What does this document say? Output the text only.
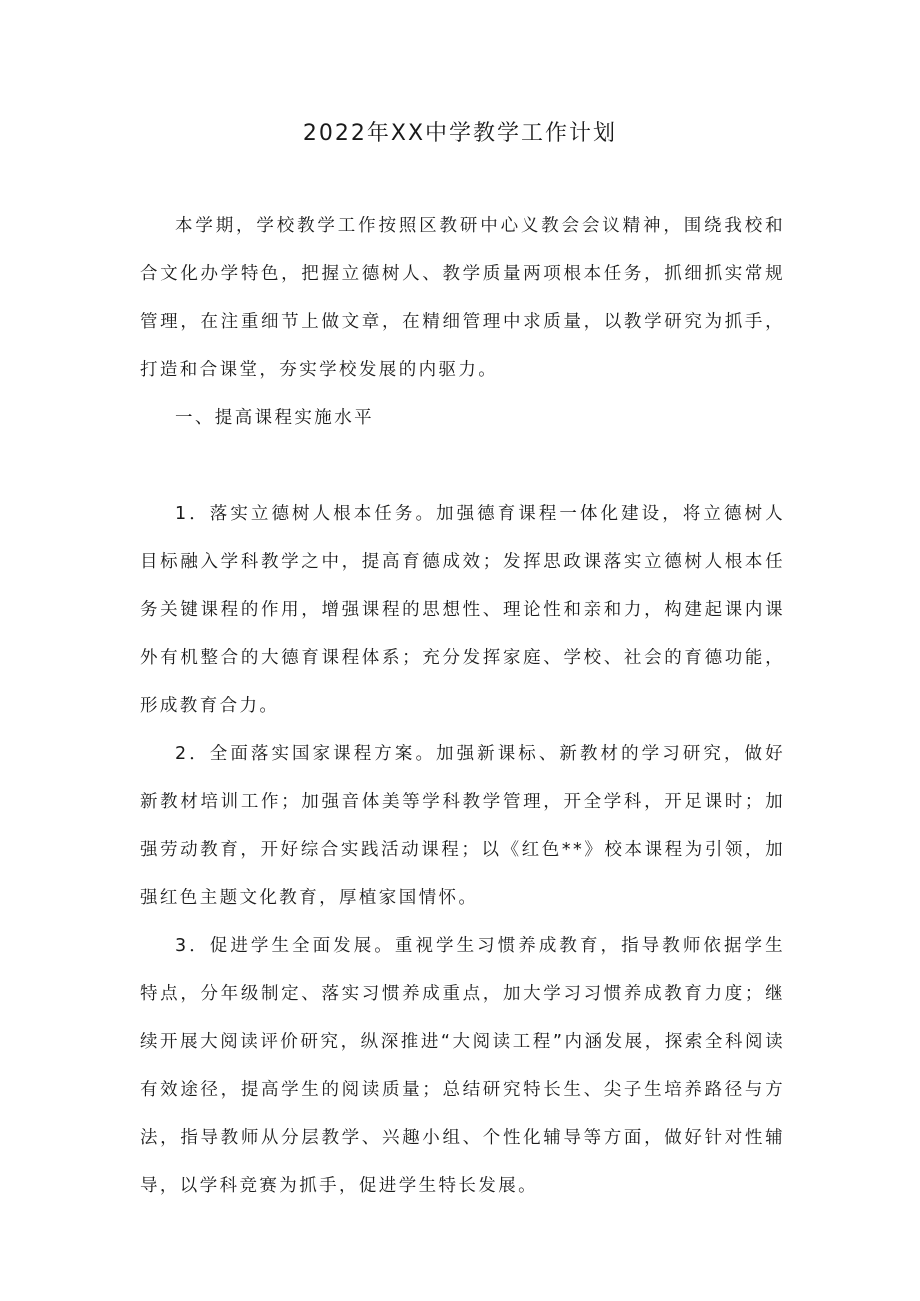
2022年XX中学教学工作计划

本学期，学校教学工作按照区教研中心义教会会议精神，围绕我校和合文化办学特色，把握立德树人、教学质量两项根本任务，抓细抓实常规管理，在注重细节上做文章，在精细管理中求质量，以教学研究为抓手，打造和合课堂，夯实学校发展的内驱力。

一、提高课程实施水平

1．落实立德树人根本任务。加强德育课程一体化建设，将立德树人目标融入学科教学之中，提高育德成效；发挥思政课落实立德树人根本任务关键课程的作用，增强课程的思想性、理论性和亲和力，构建起课内课外有机整合的大德育课程体系；充分发挥家庭、学校、社会的育德功能，形成教育合力。

2．全面落实国家课程方案。加强新课标、新教材的学习研究，做好新教材培训工作；加强音体美等学科教学管理，开全学科，开足课时；加强劳动教育，开好综合实践活动课程；以《红色**》校本课程为引领，加强红色主题文化教育，厚植家国情怀。

3．促进学生全面发展。重视学生习惯养成教育，指导教师依据学生特点，分年级制定、落实习惯养成重点，加大学习习惯养成教育力度；继续开展大阅读评价研究，纵深推进“大阅读工程”内涵发展，探索全科阅读有效途径，提高学生的阅读质量；总结研究特长生、尖子生培养路径与方法，指导教师从分层教学、兴趣小组、个性化辅导等方面，做好针对性辅导，以学科竞赛为抓手，促进学生特长发展。
